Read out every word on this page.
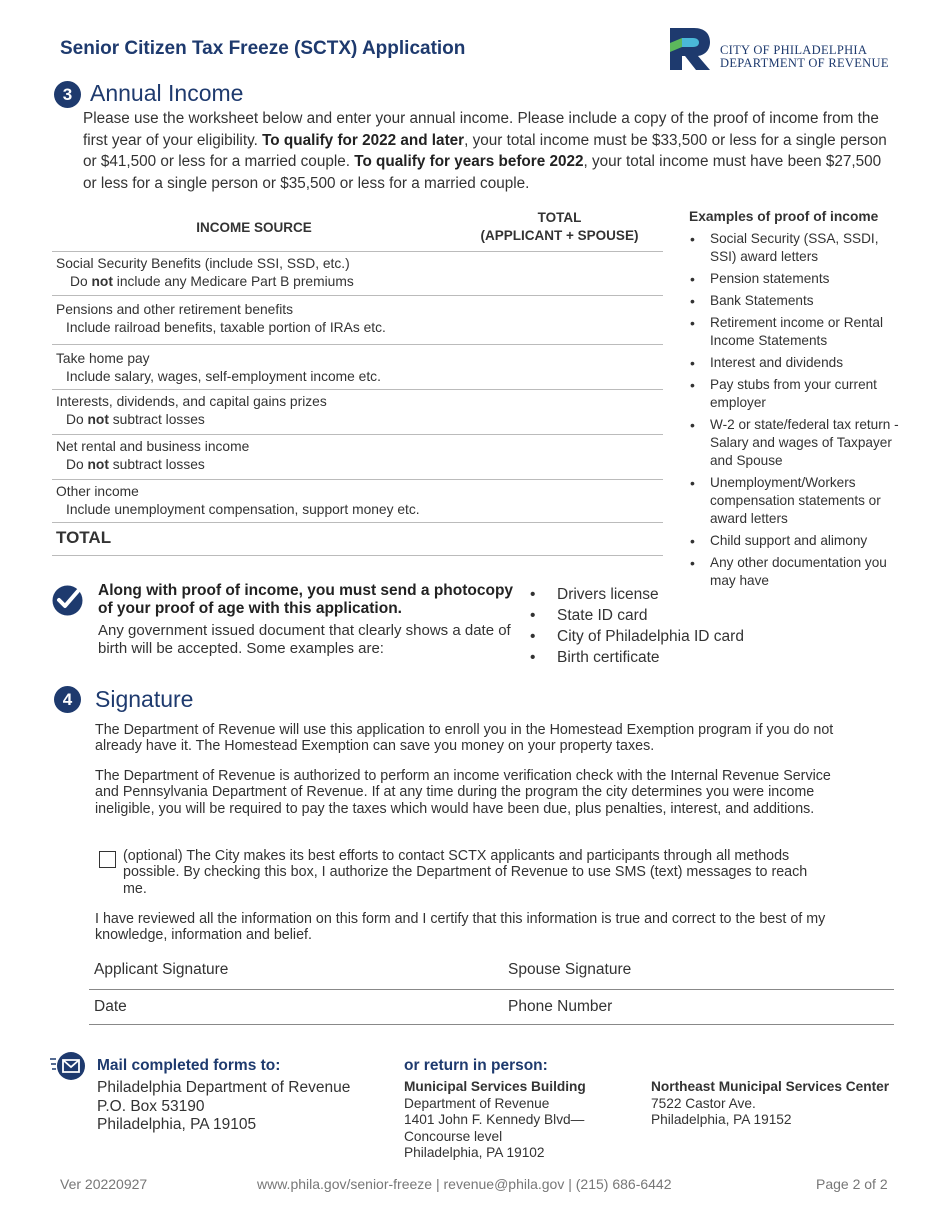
Senior Citizen Tax Freeze (SCTX) Application	CITY OF PHILADELPHIA
DEPARTMENT OF REVENUE
3 Annual Income
Please use the worksheet below and enter your annual income. Please include a copy of the proof of income from the first year of your eligibility. To qualify for 2022 and later, your total income must be $33,500 or less for a single person or $41,500 or less for a married couple. To qualify for years before 2022, your total income must have been $27,500 or less for a single person or $35,500 or less for a married couple.
INCOME SOURCE	TOTAL
(APPLICANT + SPOUSE)
Social Security Benefits (include SSI, SSD, etc.)
Do not include any Medicare Part B premiums	

Pensions and other retirement benefits
Include railroad benefits, taxable portion of IRAs etc.	

Take home pay
Include salary, wages, self-employment income etc.	

Interests, dividends, and capital gains prizes
Do not subtract losses	

Net rental and business income
Do not subtract losses	

Other income
Include unemployment compensation, support money etc.	

TOTAL	
Examples of proof of income
• Social Security (SSA, SSDI, SSI) award letters
• Pension statements
• Bank Statements
• Retirement income or Rental Income Statements
• Interest and dividends
• Pay stubs from your current employer
• W-2 or state/federal tax return - Salary and wages of Taxpayer and Spouse
• Unemployment/Workers compensation statements or award letters
• Child support and alimony
• Any other documentation you may have
Along with proof of income, you must send a photocopy of your proof of age with this application.

Any government issued document that clearly shows a date of birth will be accepted. Some examples are:

• Drivers license
• State ID card
• City of Philadelphia ID card
• Birth certificate
4 Signature
The Department of Revenue will use this application to enroll you in the Homestead Exemption program if you do not already have it. The Homestead Exemption can save you money on your property taxes.
The Department of Revenue is authorized to perform an income verification check with the Internal Revenue Service and Pennsylvania Department of Revenue. If at any time during the program the city determines you were income ineligible, you will be required to pay the taxes which would have been due, plus penalties, interest, and additions.
(optional) The City makes its best efforts to contact SCTX applicants and participants through all methods possible. By checking this box, I authorize the Department of Revenue to use SMS (text) messages to reach me.
I have reviewed all the information on this form and I certify that this information is true and correct to the best of my knowledge, information and belief.
Applicant Signature	Spouse Signature
Date	Phone Number
Mail completed forms to:
Philadelphia Department of Revenue
P.O. Box 53190
Philadelphia, PA 19105
or return in person:
Municipal Services Building
Department of Revenue
1401 John F. Kennedy Blvd—
Concourse level
Philadelphia, PA 19102
Northeast Municipal Services Center
7522 Castor Ave.
Philadelphia, PA 19152
Ver 20220927	www.phila.gov/senior-freeze | revenue@phila.gov | (215) 686-6442	Page 2 of 2
